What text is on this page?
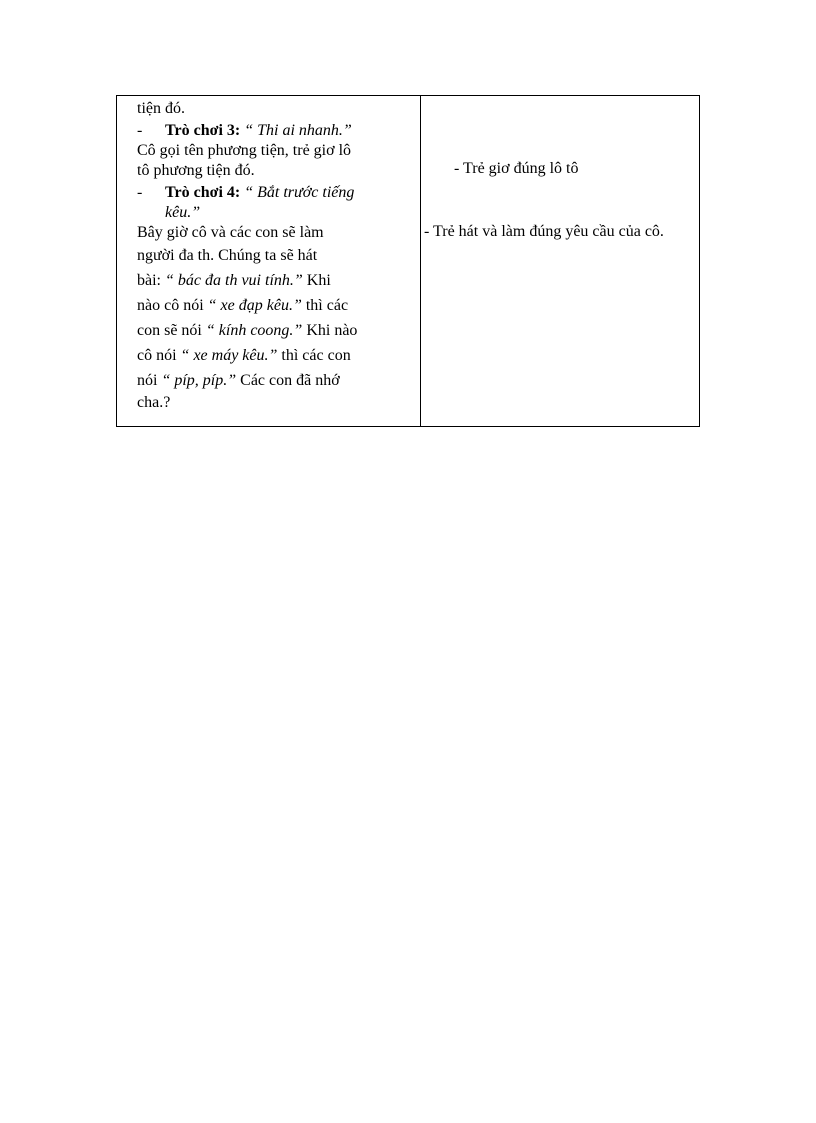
tiện đó.
-	Trò chơi 3:
“ Thi ai nhanh.”
Cô gọi tên phương tiện, trẻ giơ lô
tô phương tiện đó.
-	Trò chơi 4:
“ Bắt trước tiếng
kêu.”
Bây giờ cô và các con sẽ làm
người đa th. Chúng ta sẽ hát
bài: “ bác đa th vui tính.” Khi
nào cô nói “ xe đạp kêu.” thì các
con sẽ nói “ kính coong.” Khi nào
cô nói “ xe máy kêu.” thì các con
nói “ píp, píp.” Các con đã nhớ
cha.?
- Trẻ giơ đúng lô tô
- Trẻ hát và làm đúng yêu cầu của cô.
